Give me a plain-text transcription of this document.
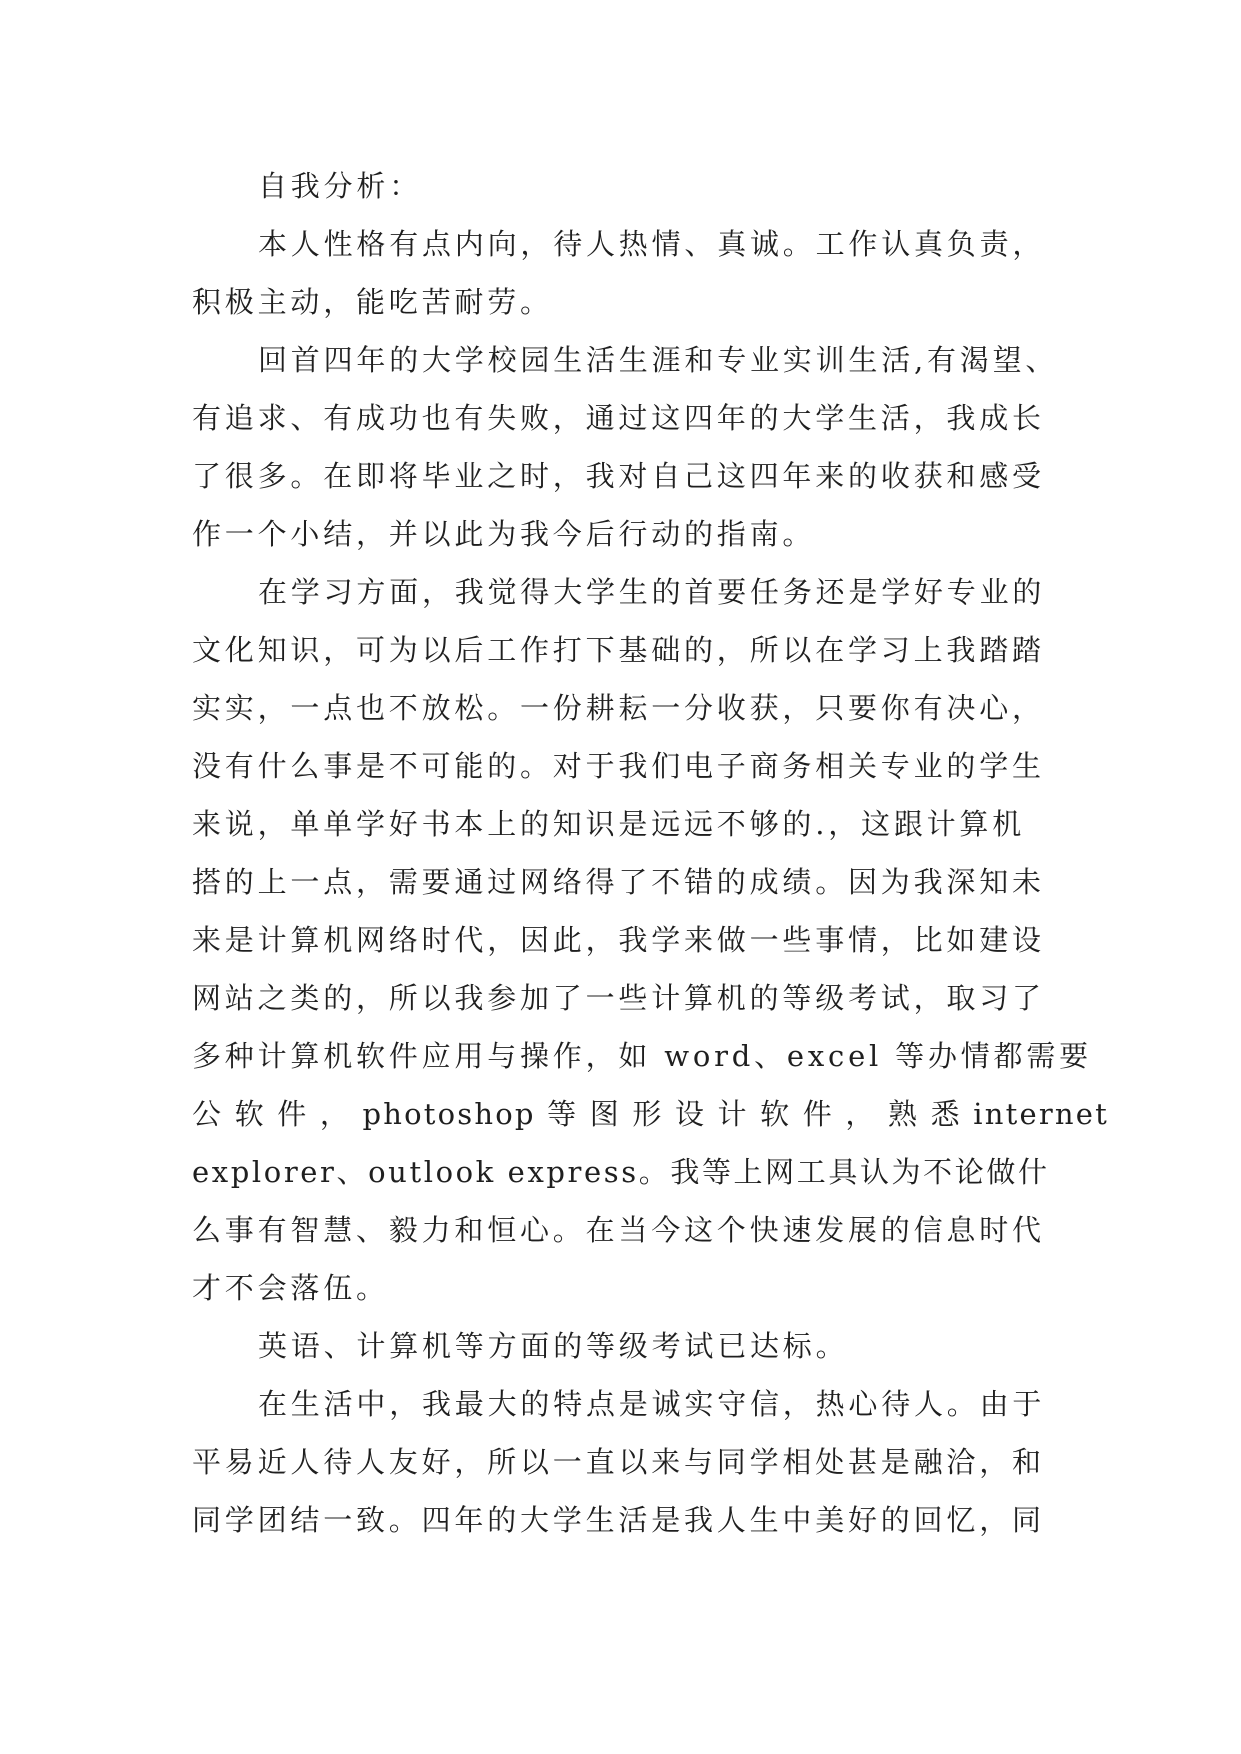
自我分析：

本人性格有点内向，待人热情、真诚。工作认真负责，

积极主动，能吃苦耐劳。

回首四年的大学校园生活生涯和专业实训生活,有渴望、

有追求、有成功也有失败，通过这四年的大学生活，我成长

了很多。在即将毕业之时，我对自己这四年来的收获和感受

作一个小结，并以此为我今后行动的指南。

在学习方面，我觉得大学生的首要任务还是学好专业的

文化知识，可为以后工作打下基础的，所以在学习上我踏踏

实实，一点也不放松。一份耕耘一分收获，只要你有决心，

没有什么事是不可能的。对于我们电子商务相关专业的学生

来说，单单学好书本上的知识是远远不够的.，这跟计算机

搭的上一点，需要通过网络得了不错的成绩。因为我深知未

来是计算机网络时代，因此，我学来做一些事情，比如建设

网站之类的，所以我参加了一些计算机的等级考试，取习了

多种计算机软件应用与操作，如 word、excel 等办情都需要

公 软 件 ， photoshop 等 图 形 设 计 软 件 ， 熟 悉 internet

explorer、outlook express。我等上网工具认为不论做什

么事有智慧、毅力和恒心。在当今这个快速发展的信息时代

才不会落伍。

英语、计算机等方面的等级考试已达标。

在生活中，我最大的特点是诚实守信，热心待人。由于

平易近人待人友好，所以一直以来与同学相处甚是融洽，和

同学团结一致。四年的大学生活是我人生中美好的回忆，同
